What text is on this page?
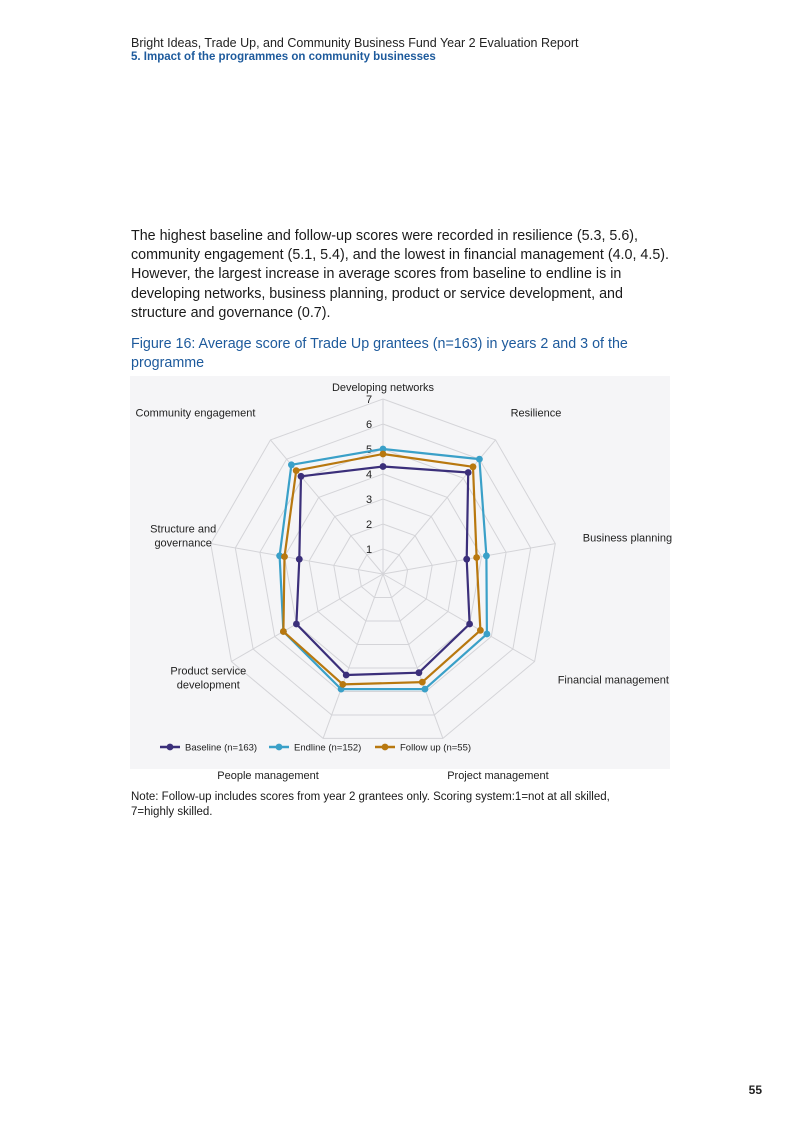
Bright Ideas, Trade Up, and Community Business Fund Year 2 Evaluation Report
5. Impact of the programmes on community businesses
The highest baseline and follow-up scores were recorded in resilience (5.3, 5.6), community engagement (5.1, 5.4), and the lowest in financial management (4.0, 4.5). However, the largest increase in average scores from baseline to endline is in developing networks, business planning, product or service development, and structure and governance (0.7).
Figure 16: Average score of Trade Up grantees (n=163) in years 2 and 3 of the programme
1
2
3
4
5
6
7
Developing networks
Resilience
Business planning
Financial management
Project management
People management
Product service
development
Structure and
governance
Community engagement
Baseline (n=163)	Endline (n=152)	Follow up (n=55)
Note: Follow-up includes scores from year 2 grantees only. Scoring system:1=not at all skilled, 7=highly skilled.
55
